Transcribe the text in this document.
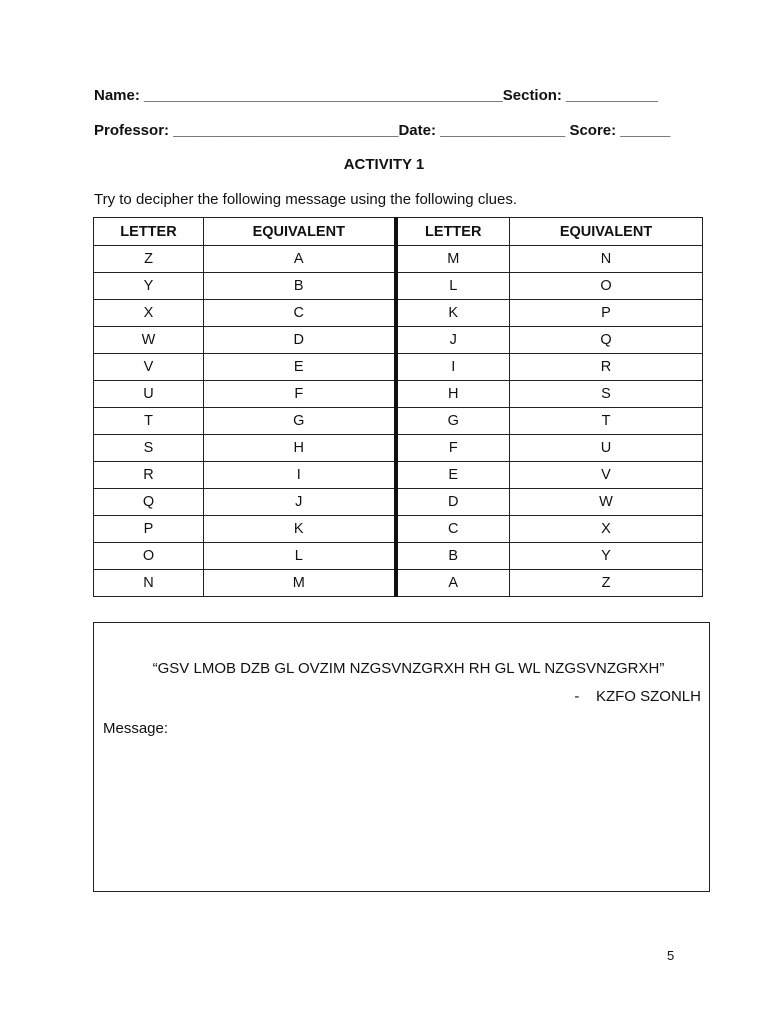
Name: ___________________________________________Section: ___________
Professor: ___________________________Date: _______________ Score: ______
ACTIVITY 1
Try to decipher the following message using the following clues.
LETTER	EQUIVALENT	LETTER	EQUIVALENT
Z	A	M	N
Y	B	L	O
X	C	K	P
W	D	J	Q
V	E	I	R
U	F	H	S
T	G	G	T
S	H	F	U
R	I	E	V
Q	J	D	W
P	K	C	X
O	L	B	Y
N	M	A	Z
“GSV LMOB DZB GL OVZIM NZGSVNZGRXH RH GL WL NZGSVNZGRXH”
-    KZFO SZONLH
Message:
5
